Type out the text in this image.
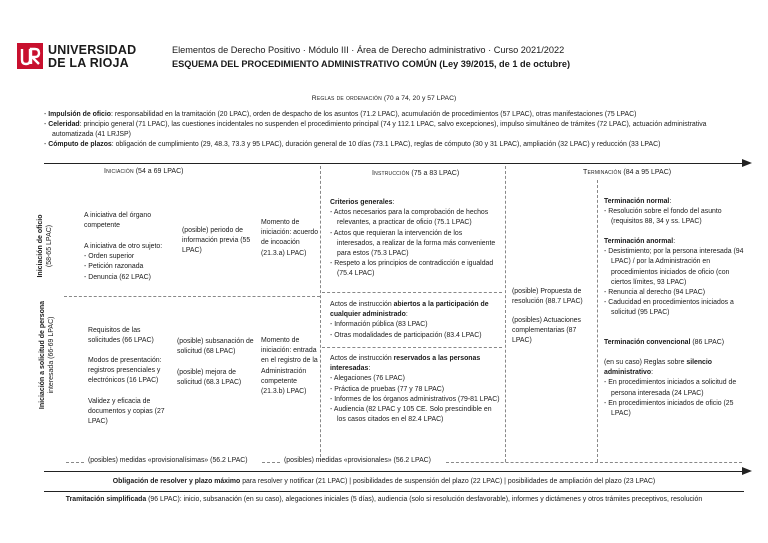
UNIVERSIDAD
DE LA RIOJA
Elementos de Derecho Positivo · Módulo III · Área de Derecho administrativo · Curso 2021/2022
ESQUEMA DEL PROCEDIMIENTO ADMINISTRATIVO COMÚN (Ley 39/2015, de 1 de octubre)
Reglas de ordenación (70 a 74, 20 y 57 LPAC)
- Impulsión de oficio: responsabilidad en la tramitación (20 LPAC), orden de despacho de los asuntos (71.2 LPAC), acumulación de procedimientos (57 LPAC), otras manifestaciones (75 LPAC)
- Celeridad: principio general (71 LPAC), las cuestiones incidentales no suspenden el procedimiento principal (74 y 112.1 LPAC, salvo excepciones), impulso simultáneo de trámites (72 LPAC), actuación administrativa automatizada (41 LRJSP)
- Cómputo de plazos: obligación de cumplimiento (29, 48.3, 73.3 y 95 LPAC), duración general de 10 días (73.1 LPAC), reglas de cómputo (30 y 31 LPAC), ampliación (32 LPAC) y reducción (33 LPAC)
Iniciación (54 a 69 LPAC)	Instrucción (75 a 83 LPAC)	Terminación (84 a 95 LPAC)
Iniciación de oficio (58-65 LPAC)
Iniciación a solicitud de persona interesada (66-69 LPAC)
A iniciativa del órgano competente
A iniciativa de otro sujeto:
- Orden superior
- Petición razonada
- Denuncia (62 LPAC)
(posible) periodo de información previa (55 LPAC)
Momento de iniciación: acuerdo de incoación (21.3.a) LPAC)
Requisitos de las solicitudes (66 LPAC)
Modos de presentación: registros presenciales y electrónicos (16 LPAC)
Validez y eficacia de documentos y copias (27 LPAC)
(posible) subsanación de solicitud (68 LPAC)
(posible) mejora de solicitud (68.3 LPAC)
Momento de iniciación: entrada en el registro de la Administración competente (21.3.b) LPAC)
Criterios generales:
- Actos necesarios para la comprobación de hechos relevantes, a practicar de oficio (75.1 LPAC)
- Actos que requieran la intervención de los interesados, a realizar de la forma más conveniente para estos (75.3 LPAC)
- Respeto a los principios de contradicción e igualdad (75.4 LPAC)
Actos de instrucción abiertos a la participación de cualquier administrado:
- Información pública (83 LPAC)
- Otras modalidades de participación (83.4 LPAC)
Actos de instrucción reservados a las personas interesadas:
- Alegaciones (76 LPAC)
- Práctica de pruebas (77 y 78 LPAC)
- Informes de los órganos administrativos (79-81 LPAC)
- Audiencia (82 LPAC y 105 CE. Solo prescindible en los casos citados en el 82.4 LPAC)
(posible) Propuesta de resolución (88.7 LPAC)
(posibles) Actuaciones complementarias (87 LPAC)
Terminación normal:
- Resolución sobre el fondo del asunto (requisitos 88, 34 y ss. LPAC)
Terminación anormal:
- Desistimiento; por la persona interesada (94 LPAC) / por la Administración en procedimientos iniciados de oficio (con ciertos límites, 93 LPAC)
- Renuncia al derecho (94 LPAC)
- Caducidad en procedimientos iniciados a solicitud (95 LPAC)
Terminación convencional (86 LPAC)
(en su caso) Reglas sobre silencio administrativo:
- En procedimientos iniciados a solicitud de persona interesada (24 LPAC)
- En procedimientos iniciados de oficio (25 LPAC)
(posibles) medidas «provisionalísimas» (56.2 LPAC)	(posibles) medidas «provisionales» (56.2 LPAC)
Obligación de resolver y plazo máximo para resolver y notificar (21 LPAC) | posibilidades de suspensión del plazo (22 LPAC) | posibilidades de ampliación del plazo (23 LPAC)
Tramitación simplificada (96 LPAC): inicio, subsanación (en su caso), alegaciones iniciales (5 días), audiencia (solo si resolución desfavorable), informes y dictámenes y otros trámites preceptivos, resolución
